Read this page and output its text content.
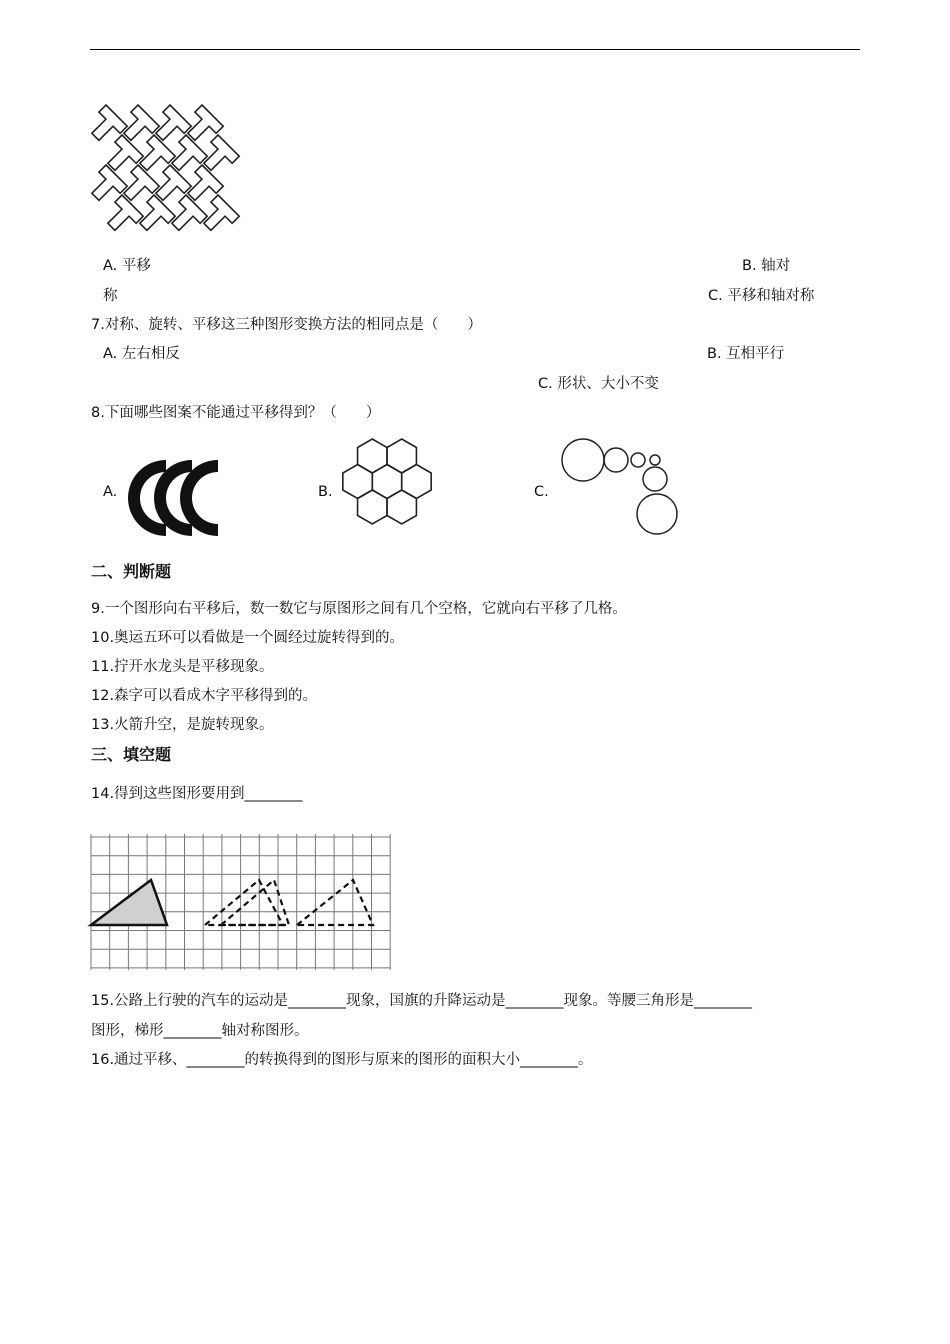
A. 平移	B. 轴对
称	C. 平移和轴对称
7.对称、旋转、平移这三种图形变换方法的相同点是（　　）
A. 左右相反	B. 互相平行
C. 形状、大小不变
8.下面哪些图案不能通过平移得到？（　　）
A.	B.	C.
二、判断题
9.一个图形向右平移后，数一数它与原图形之间有几个空格，它就向右平移了几格。
10.奥运五环可以看做是一个圆经过旋转得到的。
11.拧开水龙头是平移现象。
12.森字可以看成木字平移得到的。
13.火箭升空，是旋转现象。
三、填空题
14.得到这些图形要用到________
15.公路上行驶的汽车的运动是________现象，国旗的升降运动是________现象。等腰三角形是________
图形，梯形________轴对称图形。
16.通过平移、________的转换得到的图形与原来的图形的面积大小________。
